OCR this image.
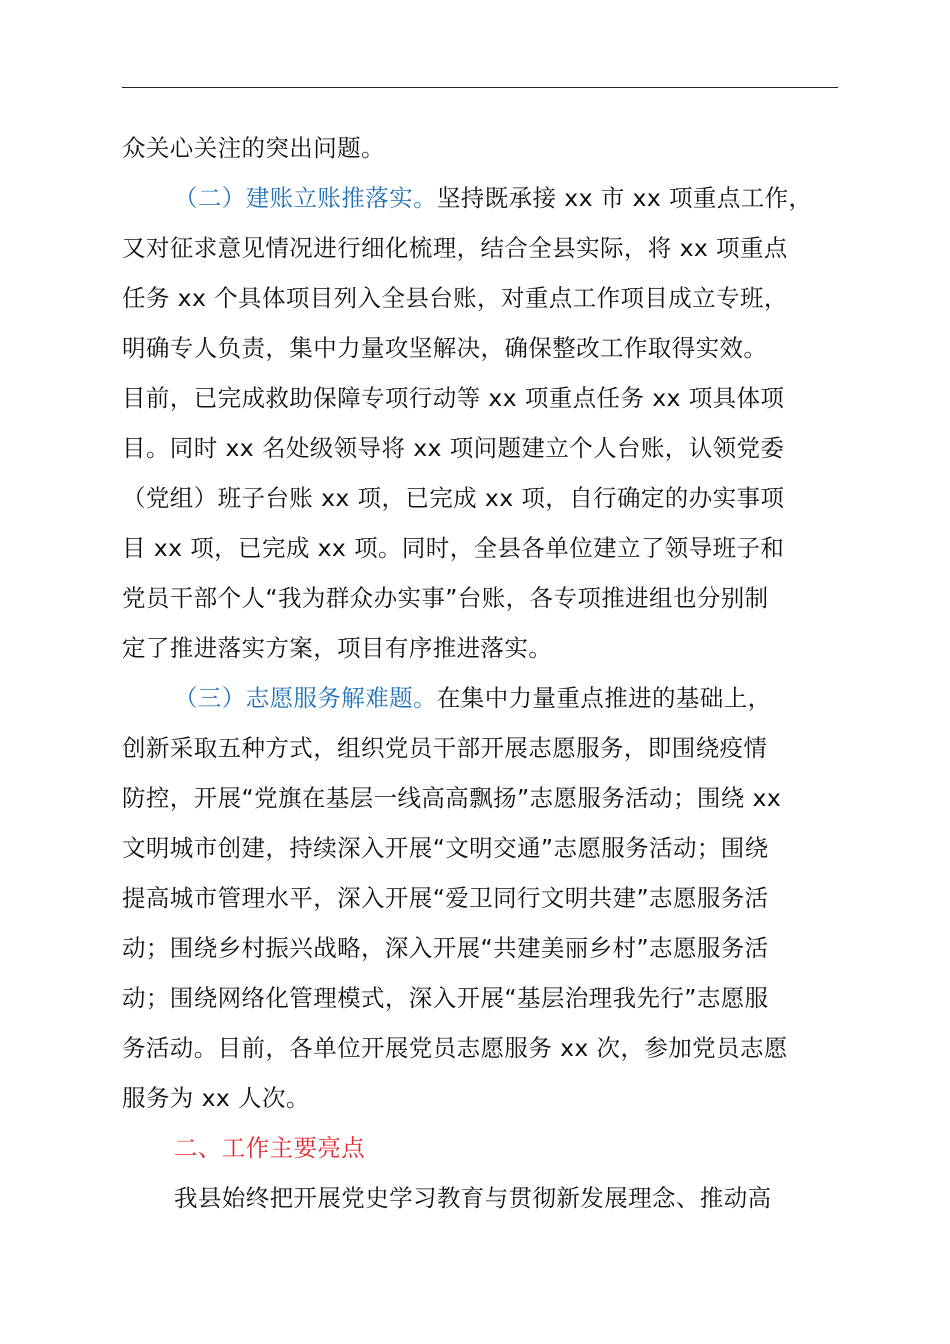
众关心关注的突出问题。
（二）建账立账推落实。坚持既承接 xx 市 xx 项重点工作，
又对征求意见情况进行细化梳理，结合全县实际，将 xx 项重点
任务 xx 个具体项目列入全县台账，对重点工作项目成立专班，
明确专人负责，集中力量攻坚解决，确保整改工作取得实效。
目前，已完成救助保障专项行动等 xx 项重点任务 xx 项具体项
目。同时 xx 名处级领导将 xx 项问题建立个人台账，认领党委
（党组）班子台账 xx 项，已完成 xx 项，自行确定的办实事项
目 xx 项，已完成 xx 项。同时，全县各单位建立了领导班子和
党员干部个人“我为群众办实事”台账，各专项推进组也分别制
定了推进落实方案，项目有序推进落实。
（三）志愿服务解难题。在集中力量重点推进的基础上，
创新采取五种方式，组织党员干部开展志愿服务，即围绕疫情
防控，开展“党旗在基层一线高高飘扬”志愿服务活动；围绕 xx
文明城市创建，持续深入开展“文明交通”志愿服务活动；围绕
提高城市管理水平，深入开展“爱卫同行文明共建”志愿服务活
动；围绕乡村振兴战略，深入开展“共建美丽乡村”志愿服务活
动；围绕网络化管理模式，深入开展“基层治理我先行”志愿服
务活动。目前，各单位开展党员志愿服务 xx 次，参加党员志愿
服务为 xx 人次。
二、工作主要亮点
我县始终把开展党史学习教育与贯彻新发展理念、推动高
